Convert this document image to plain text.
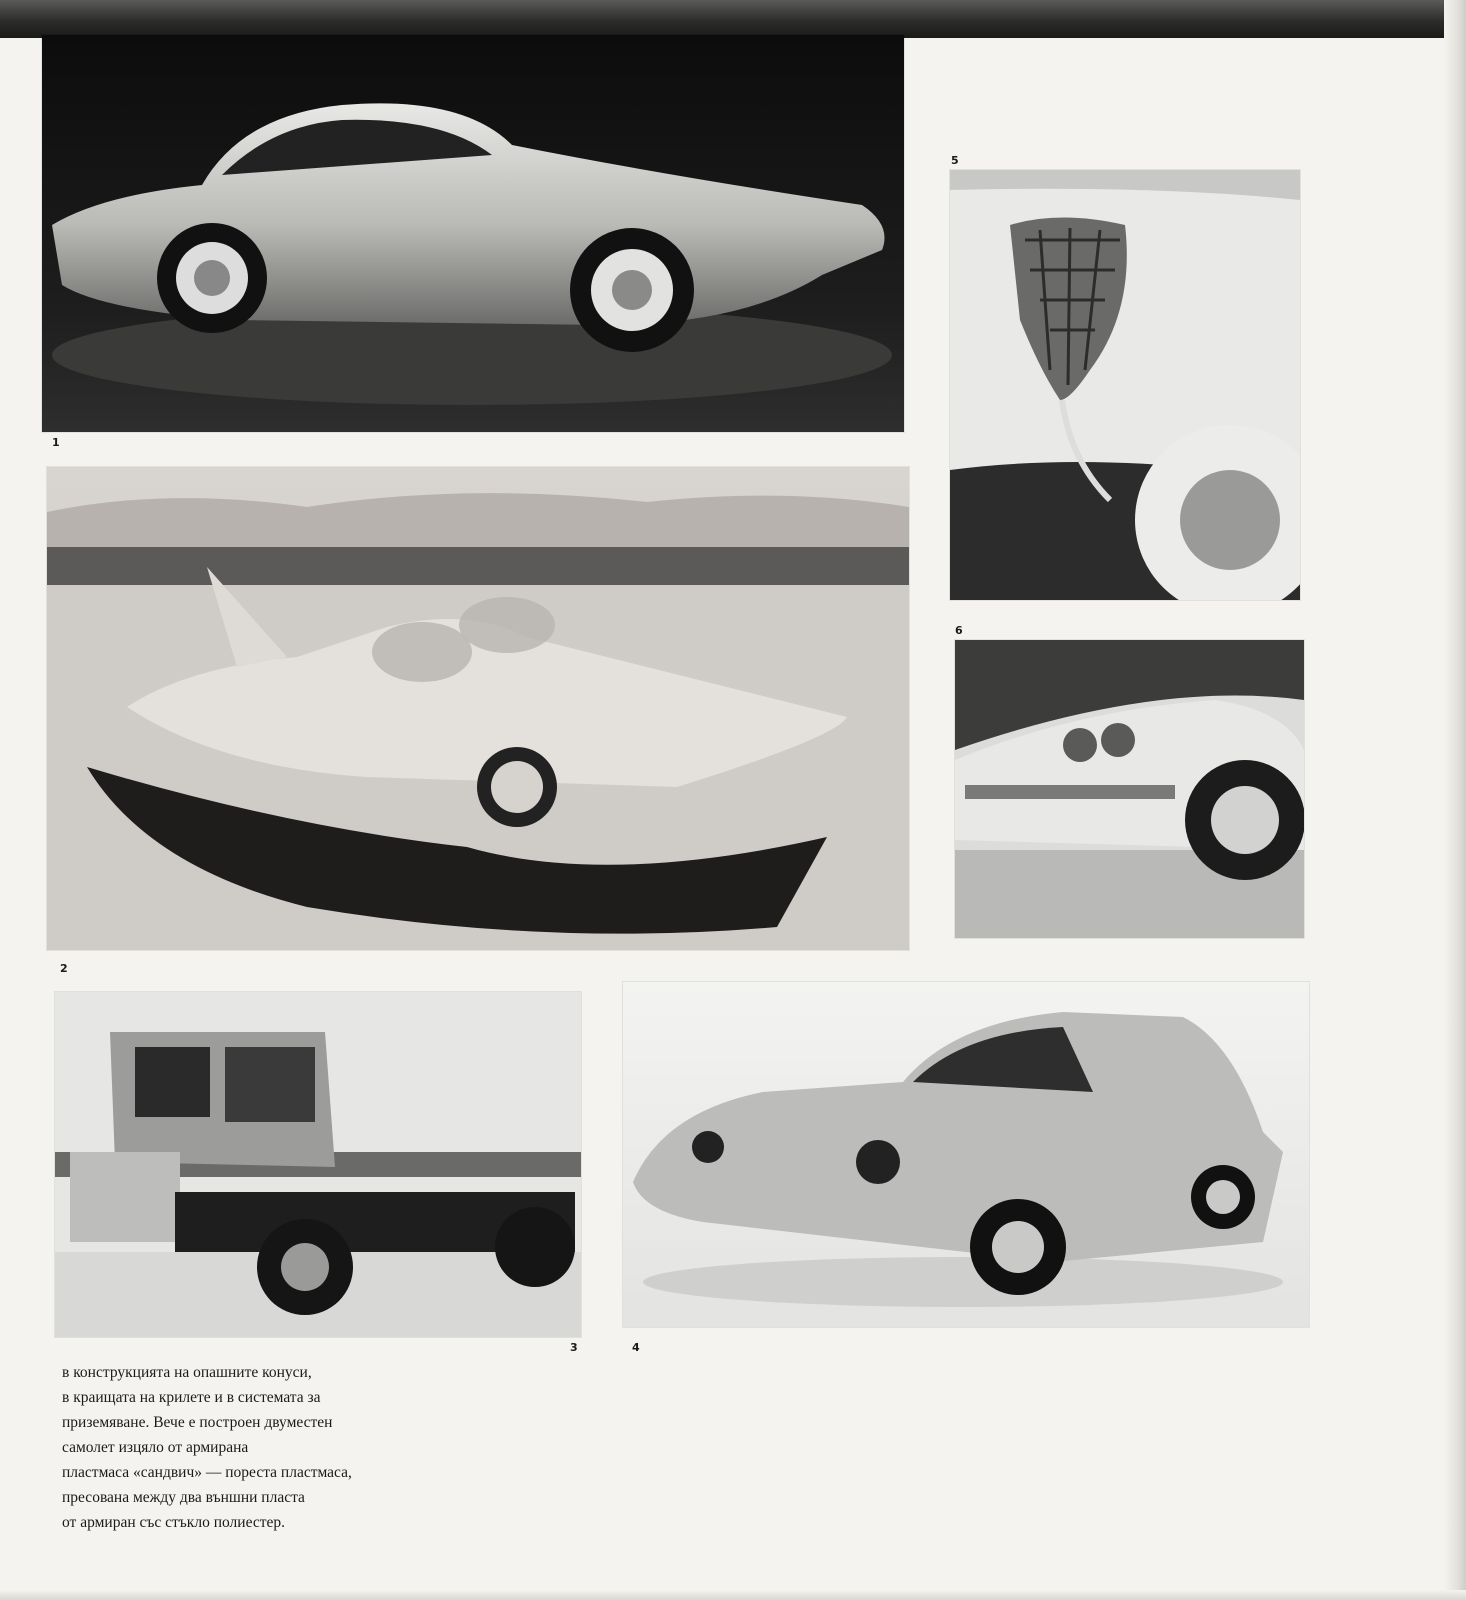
1
2
3	4
5
6
в конструкцията на опашните конуси,
в краищата на крилете и в системата за
приземяване. Вече е построен двуместен
самолет изцяло от армирана
пластмаса «сандвич» — пореста пластмаса,
пресована между два външни пласта
от армиран със стъкло полиестер.
